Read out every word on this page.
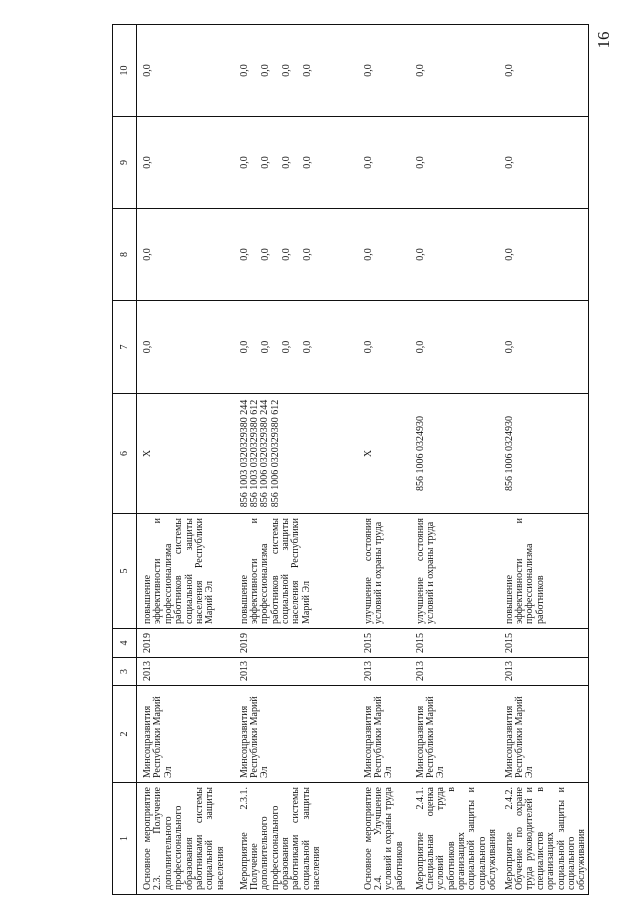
16
1	2	3	4	5	6	7	8	9	10
Основное мероприятие 2.3. Получение дополнительного профессионального образования работниками системы социальной защиты населения	Минсоцразвития Республики Марий Эл	2013	2019	повышение эффективности и профессионализма работников системы социальной защиты населения Республики Марий Эл	X	0,0	0,0	0,0	0,0

Мероприятие 2.3.1. Получение дополнительного профессионального образования работниками системы социальной защиты населения	Минсоцразвития Республики Марий Эл	2013	2019	повышение эффективности и профессионализма работников системы социальной защиты населения Республики Марий Эл	856 1003 0320329380 244 856 1003 0320329380 612 856 1006 0320329380 244 856 1006 0320329380 612	0,0 0,0 0,0 0,0	0,0 0,0 0,0 0,0	0,0 0,0 0,0 0,0	0,0 0,0 0,0 0,0

Основное мероприятие 2.4. Улучшение условий и охраны труда работников	Минсоцразвития Республики Марий Эл	2013	2015	улучшение состояния условий и охраны труда	X	0,0	0,0	0,0	0,0

Мероприятие 2.4.1. Специальная оценка условий труда работников в организациях социальной защиты и социального обслуживания	Минсоцразвития Республики Марий Эл	2013	2015	улучшение состояния условий и охраны труда	856 1006 0324930	0,0	0,0	0,0	0,0

Мероприятие 2.4.2. Обучение по охране труда руководителей и специалистов в организациях социальной защиты и социального обслуживания	Минсоцразвития Республики Марий Эл	2013	2015	повышение эффективности и профессионализма работников	856 1006 0324930	0,0	0,0	0,0	0,0
